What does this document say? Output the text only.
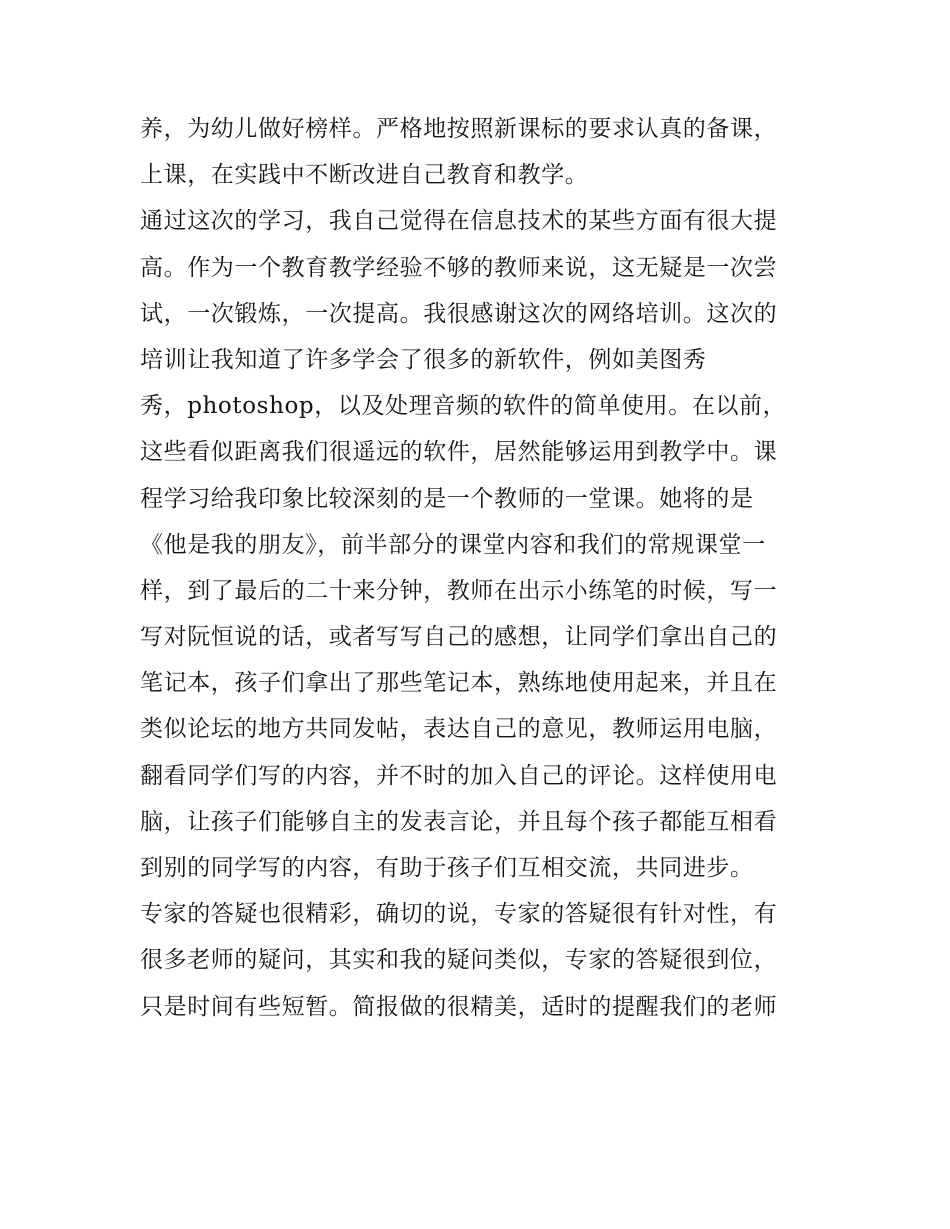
养，为幼儿做好榜样。严格地按照新课标的要求认真的备课，
上课，在实践中不断改进自己教育和教学。
通过这次的学习，我自己觉得在信息技术的某些方面有很大提
高。作为一个教育教学经验不够的教师来说，这无疑是一次尝
试，一次锻炼，一次提高。我很感谢这次的网络培训。这次的
培训让我知道了许多学会了很多的新软件，例如美图秀
秀，photoshop，以及处理音频的软件的简单使用。在以前，
这些看似距离我们很遥远的软件，居然能够运用到教学中。课
程学习给我印象比较深刻的是一个教师的一堂课。她将的是
《他是我的朋友》，前半部分的课堂内容和我们的常规课堂一
样，到了最后的二十来分钟，教师在出示小练笔的时候，写一
写对阮恒说的话，或者写写自己的感想，让同学们拿出自己的
笔记本，孩子们拿出了那些笔记本，熟练地使用起来，并且在
类似论坛的地方共同发帖，表达自己的意见，教师运用电脑，
翻看同学们写的内容，并不时的加入自己的评论。这样使用电
脑，让孩子们能够自主的发表言论，并且每个孩子都能互相看
到别的同学写的内容，有助于孩子们互相交流，共同进步。
专家的答疑也很精彩，确切的说，专家的答疑很有针对性，有
很多老师的疑问，其实和我的疑问类似，专家的答疑很到位，
只是时间有些短暂。简报做的很精美，适时的提醒我们的老师
